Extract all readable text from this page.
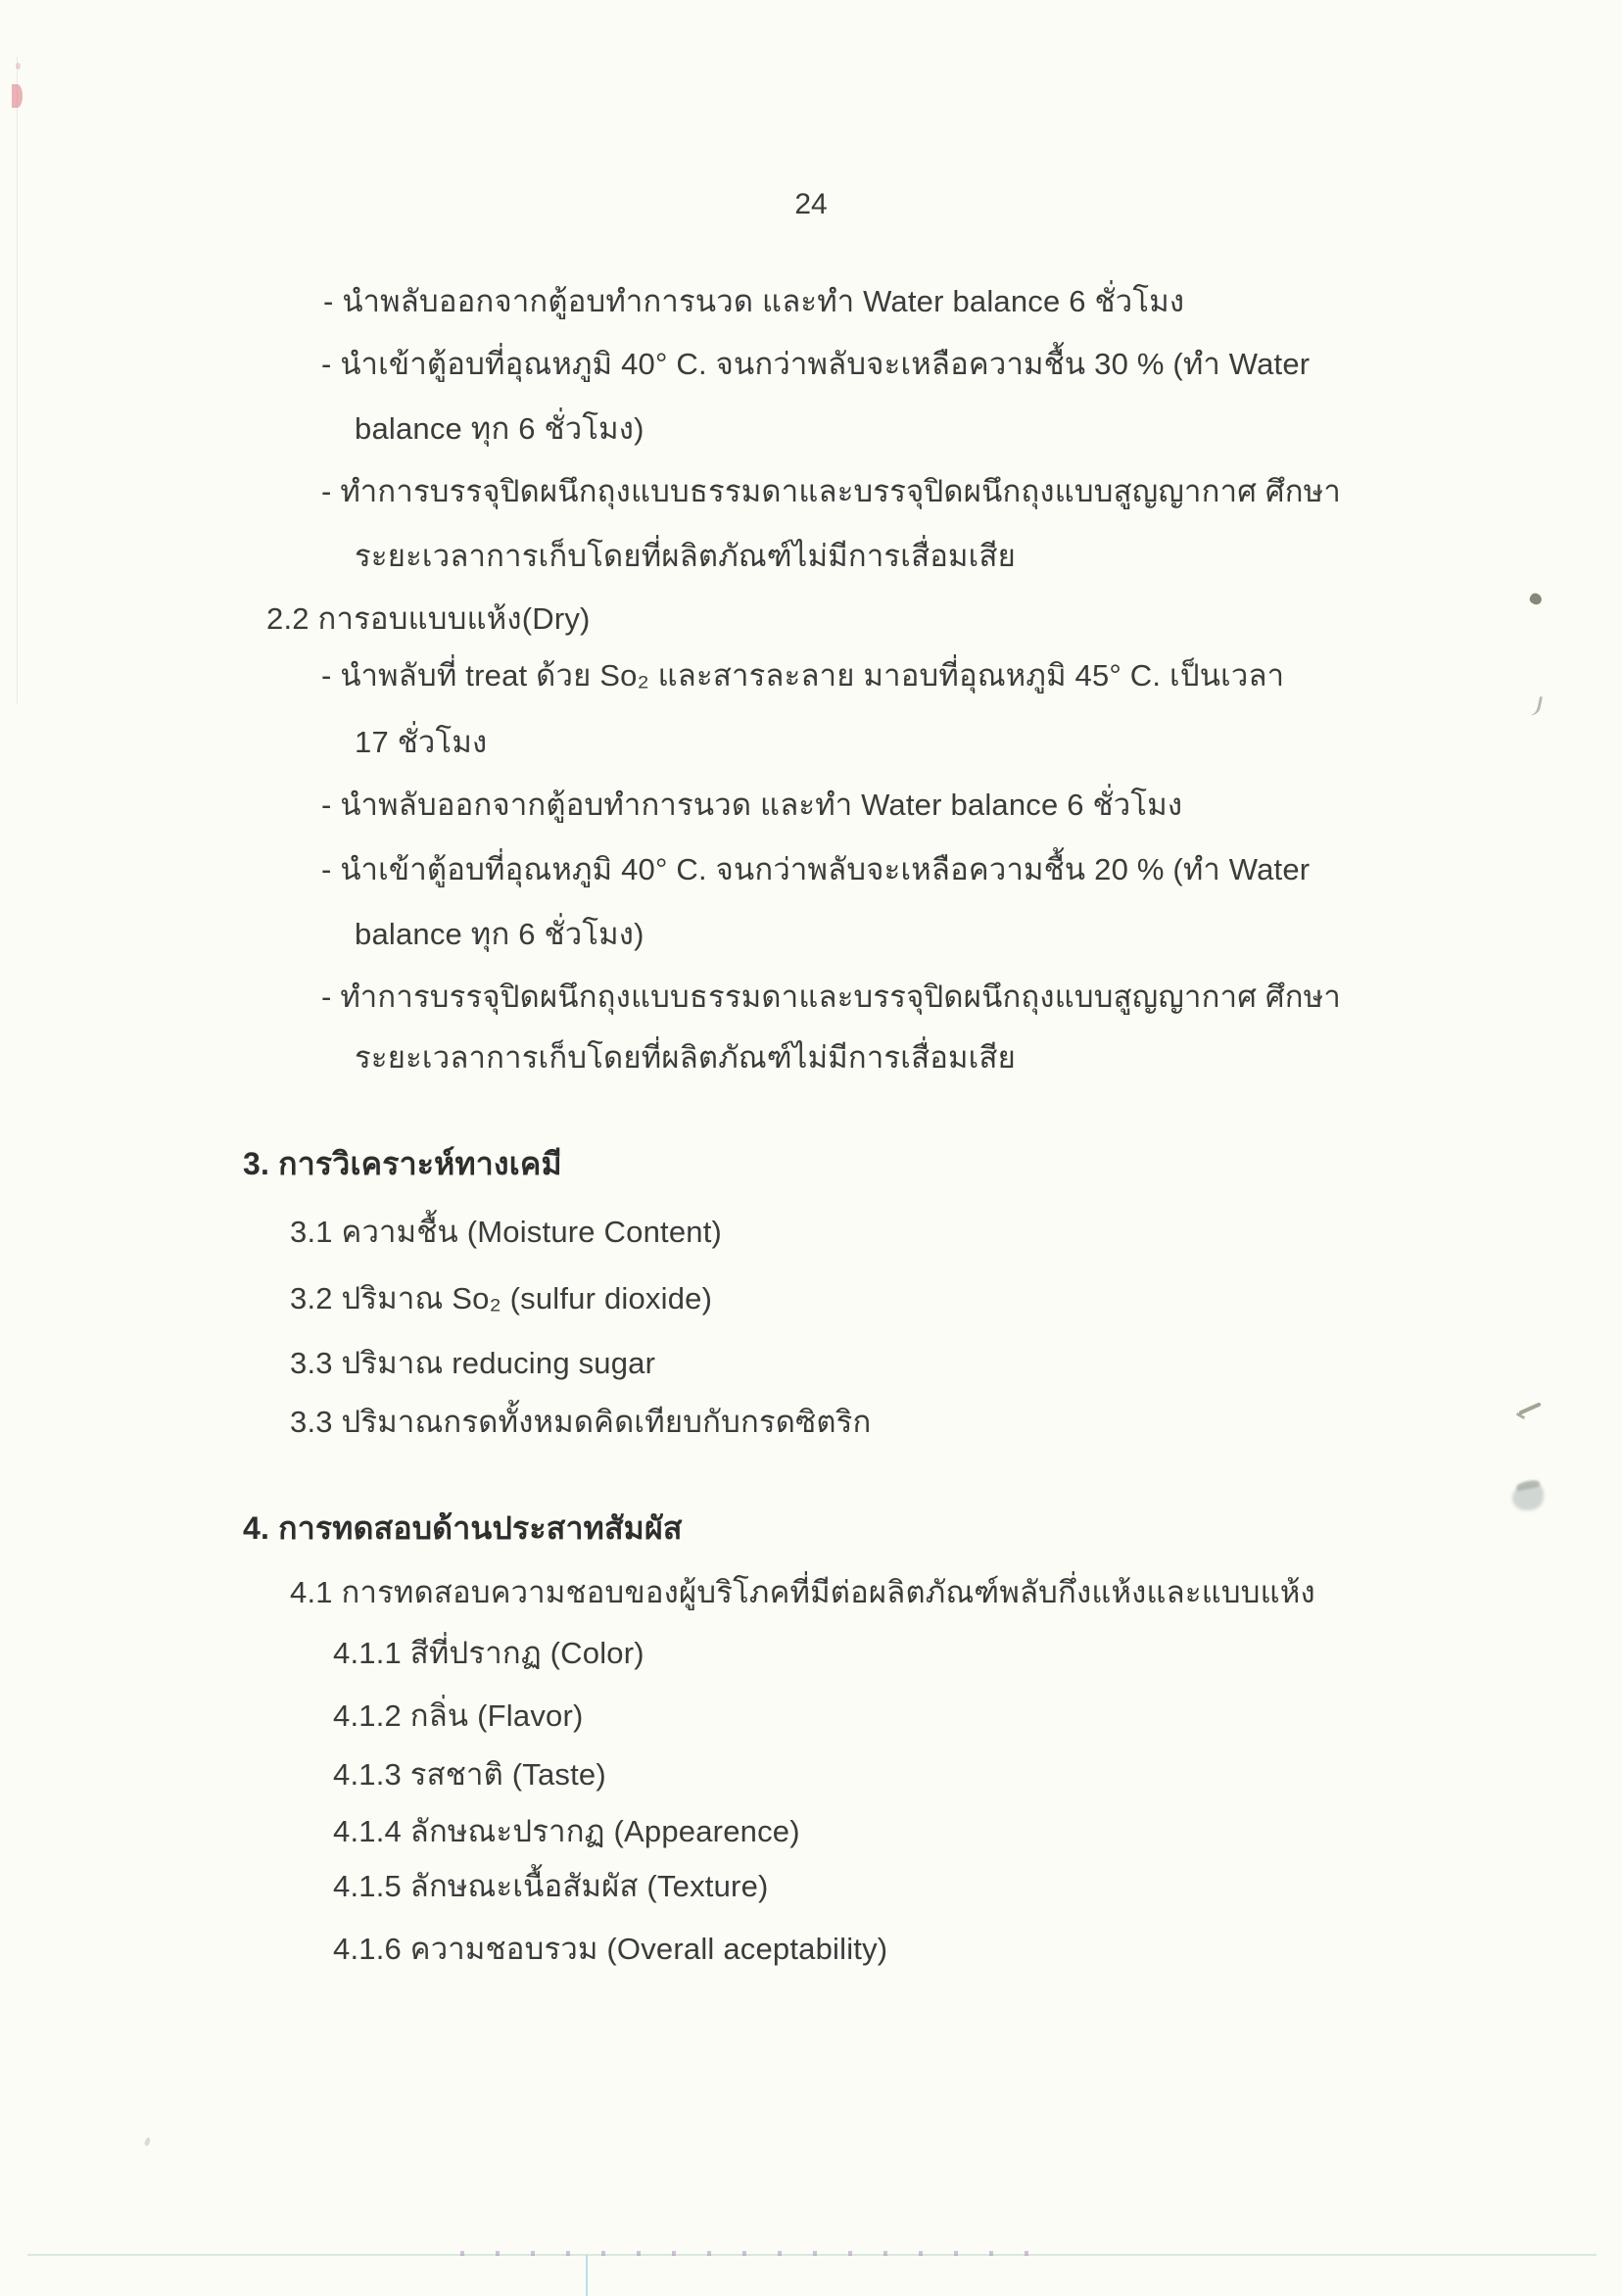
24
- นำพลับออกจากตู้อบทำการนวด และทำ Water balance 6 ชั่วโมง
- นำเข้าตู้อบที่อุณหภูมิ 40° C. จนกว่าพลับจะเหลือความชื้น 30 % (ทำ Water
balance ทุก 6 ชั่วโมง)
- ทำการบรรจุปิดผนึกถุงแบบธรรมดาและบรรจุปิดผนึกถุงแบบสูญญากาศ ศึกษา
ระยะเวลาการเก็บโดยที่ผลิตภัณฑ์ไม่มีการเสื่อมเสีย
2.2 การอบแบบแห้ง(Dry)
- นำพลับที่ treat ด้วย So₂ และสารละลาย มาอบที่อุณหภูมิ 45° C. เป็นเวลา
17 ชั่วโมง
- นำพลับออกจากตู้อบทำการนวด และทำ Water balance 6 ชั่วโมง
- นำเข้าตู้อบที่อุณหภูมิ 40° C. จนกว่าพลับจะเหลือความชื้น 20 % (ทำ Water
balance ทุก 6 ชั่วโมง)
- ทำการบรรจุปิดผนึกถุงแบบธรรมดาและบรรจุปิดผนึกถุงแบบสูญญากาศ ศึกษา
ระยะเวลาการเก็บโดยที่ผลิตภัณฑ์ไม่มีการเสื่อมเสีย
3. การวิเคราะห์ทางเคมี
3.1 ความชื้น (Moisture Content)
3.2 ปริมาณ So₂ (sulfur dioxide)
3.3 ปริมาณ reducing sugar
3.3 ปริมาณกรดทั้งหมดคิดเทียบกับกรดซิตริก
4. การทดสอบด้านประสาทสัมผัส
4.1 การทดสอบความชอบของผู้บริโภคที่มีต่อผลิตภัณฑ์พลับกึ่งแห้งและแบบแห้ง
4.1.1 สีที่ปรากฏ (Color)
4.1.2 กลิ่น (Flavor)
4.1.3 รสชาติ (Taste)
4.1.4 ลักษณะปรากฏ (Appearence)
4.1.5 ลักษณะเนื้อสัมผัส (Texture)
4.1.6 ความชอบรวม (Overall aceptability)
